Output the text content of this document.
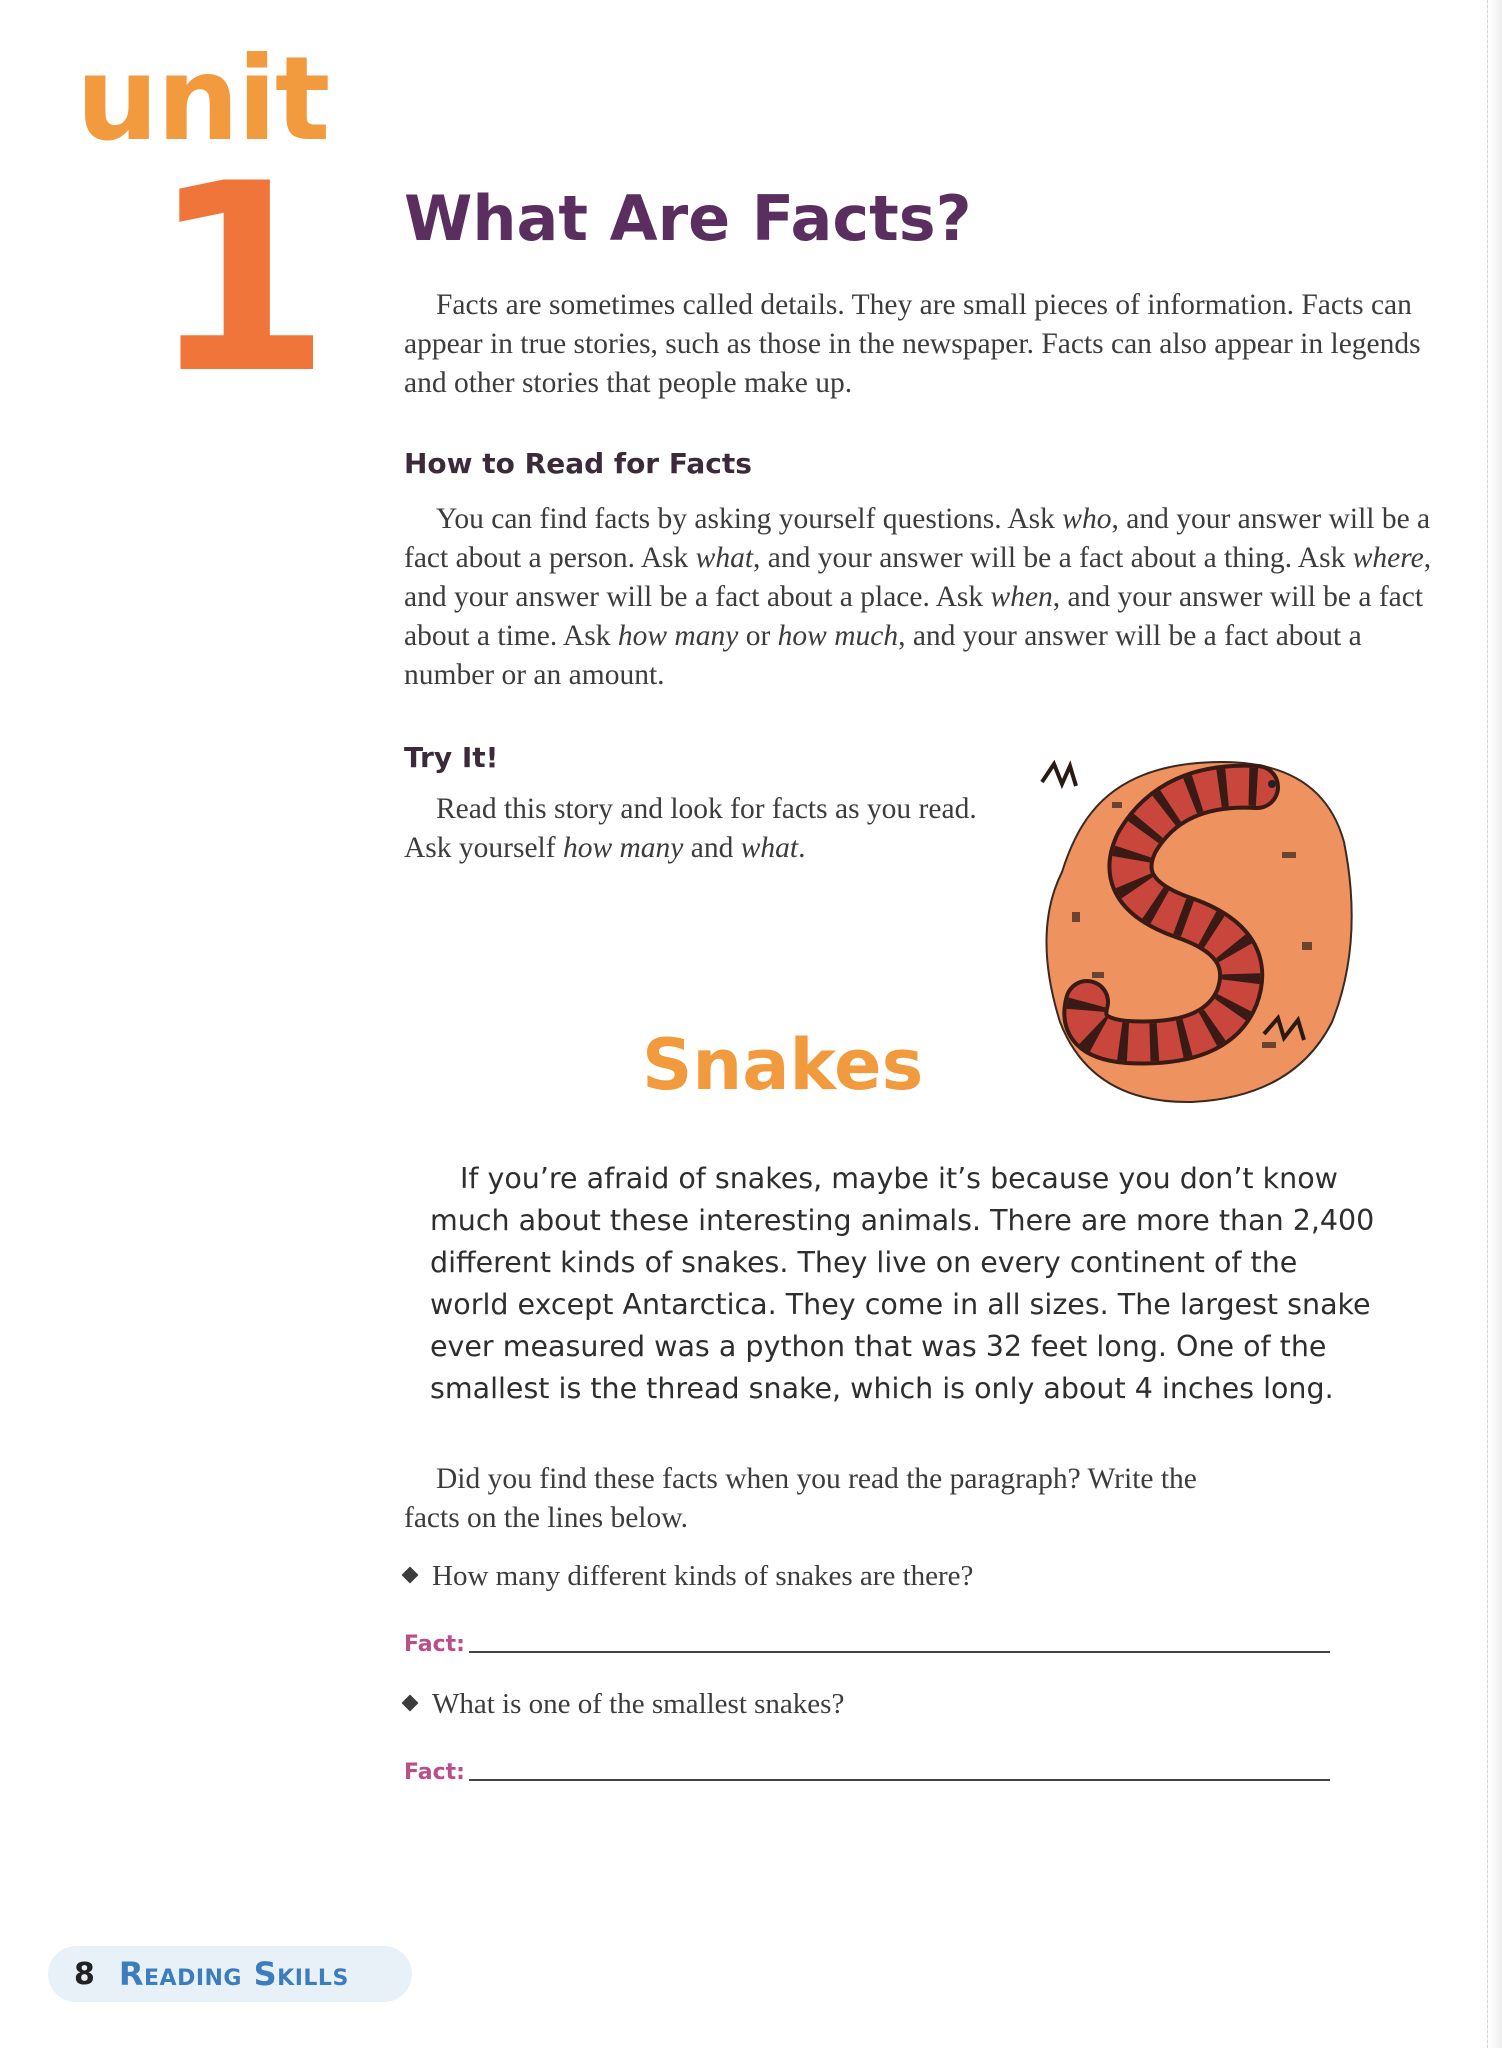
unit
1 What Are Facts?

Facts are sometimes called details. They are small pieces of information. Facts can appear in true stories, such as those in the newspaper. Facts can also appear in legends and other stories that people make up.

How to Read for Facts

You can find facts by asking yourself questions. Ask who, and your answer will be a fact about a person. Ask what, and your answer will be a fact about a thing. Ask where, and your answer will be a fact about a place. Ask when, and your answer will be a fact about a time. Ask how many or how much, and your answer will be a fact about a number or an amount.

Try It!

Read this story and look for facts as you read. Ask yourself how many and what.

Snakes

If you’re afraid of snakes, maybe it’s because you don’t know much about these interesting animals. There are more than 2,400 different kinds of snakes. They live on every continent of the world except Antarctica. They come in all sizes. The largest snake ever measured was a python that was 32 feet long. One of the smallest is the thread snake, which is only about 4 inches long.

Did you find these facts when you read the paragraph? Write the facts on the lines below.

How many different kinds of snakes are there?

Fact:

What is one of the smallest snakes?

Fact:
8 Reading Skills
